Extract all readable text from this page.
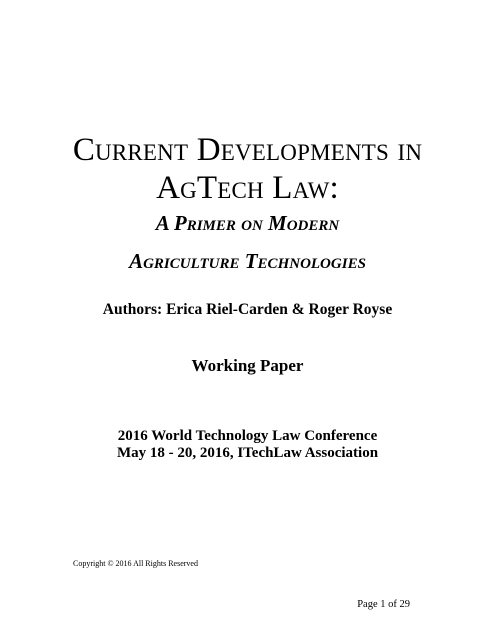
Current Developments in
AgTech Law:
A Primer on Modern
Agriculture Technologies
Authors: Erica Riel-Carden & Roger Royse
Working Paper
2016 World Technology Law Conference
May 18 - 20, 2016, ITechLaw Association
Copyright © 2016 All Rights Reserved
Page 1 of 29
